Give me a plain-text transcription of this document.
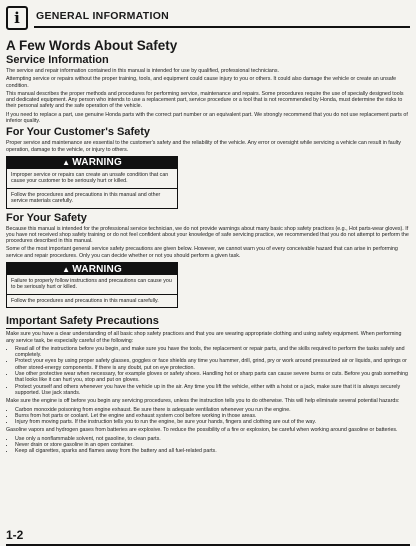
i	GENERAL INFORMATION
A Few Words About Safety
Service Information

The service and repair information contained in this manual is intended for use by qualified, professional technicians.

Attempting service or repairs without the proper training, tools, and equipment could cause injury to you or others. It could also damage the vehicle or create an unsafe condition.

This manual describes the proper methods and procedures for performing service, maintenance and repairs. Some procedures require the use of specially designed tools and dedicated equipment. Any person who intends to use a replacement part, service procedure or a tool that is not recommended by Honda, must determine the risks to their personal safety and the safe operation of the vehicle.

If you need to replace a part, use genuine Honda parts with the correct part number or an equivalent part. We strongly recommend that you do not use replacement parts of inferior quality.

For Your Customer's Safety

Proper service and maintenance are essential to the customer's safety and the reliability of the vehicle. Any error or oversight while servicing a vehicle can result in faulty operation, damage to the vehicle, or injury to others.

▲ WARNING

Improper service or repairs can create an unsafe condition that can cause your customer to be seriously hurt or killed.

Follow the procedures and precautions in this manual and other service materials carefully.

For Your Safety

Because this manual is intended for the professional service technician, we do not provide warnings about many basic shop safety practices (e.g., Hot parts-wear gloves). If you have not received shop safety training or do not feel confident about your knowledge of safe servicing practice, we recommended that you do not attempt to perform the procedures described in this manual.

Some of the most important general service safety precautions are given below. However, we cannot warn you of every conceivable hazard that can arise in performing service and repair procedures. Only you can decide whether or not you should perform a given task.

▲ WARNING

Failure to properly follow instructions and precautions can cause you to be seriously hurt or killed.

Follow the procedures and precautions in this manual carefully.

Important Safety Precautions

Make sure you have a clear understanding of all basic shop safety practices and that you are wearing appropriate clothing and using safety equipment. When performing any service task, be especially careful of the following:

• Read all of the instructions before you begin, and make sure you have the tools, the replacement or repair parts, and the skills required to perform the tasks safely and completely.
• Protect your eyes by using proper safety glasses, goggles or face shields any time you hammer, drill, grind, pry or work around pressurized air or liquids, and springs or other stored-energy components. If there is any doubt, put on eye protection.
• Use other protective wear when necessary, for example gloves or safety shoes. Handling hot or sharp parts can cause severe burns or cuts. Before you grab something that looks like it can hurt you, stop and put on gloves.
• Protect yourself and others whenever you have the vehicle up in the air. Any time you lift the vehicle, either with a hoist or a jack, make sure that it is always securely supported. Use jack stands.

Make sure the engine is off before you begin any servicing procedures, unless the instruction tells you to do otherwise. This will help eliminate several potential hazards:

• Carbon monoxide poisoning from engine exhaust. Be sure there is adequate ventilation whenever you run the engine.
• Burns from hot parts or coolant. Let the engine and exhaust system cool before working in those areas.
• Injury from moving parts. If the instruction tells you to run the engine, be sure your hands, fingers and clothing are out of the way.

Gasoline vapors and hydrogen gases from batteries are explosive. To reduce the possibility of a fire or explosion, be careful when working around gasoline or batteries.

• Use only a nonflammable solvent, not gasoline, to clean parts.
• Never drain or store gasoline in an open container.
• Keep all cigarettes, sparks and flames away from the battery and all fuel-related parts.
1-2
